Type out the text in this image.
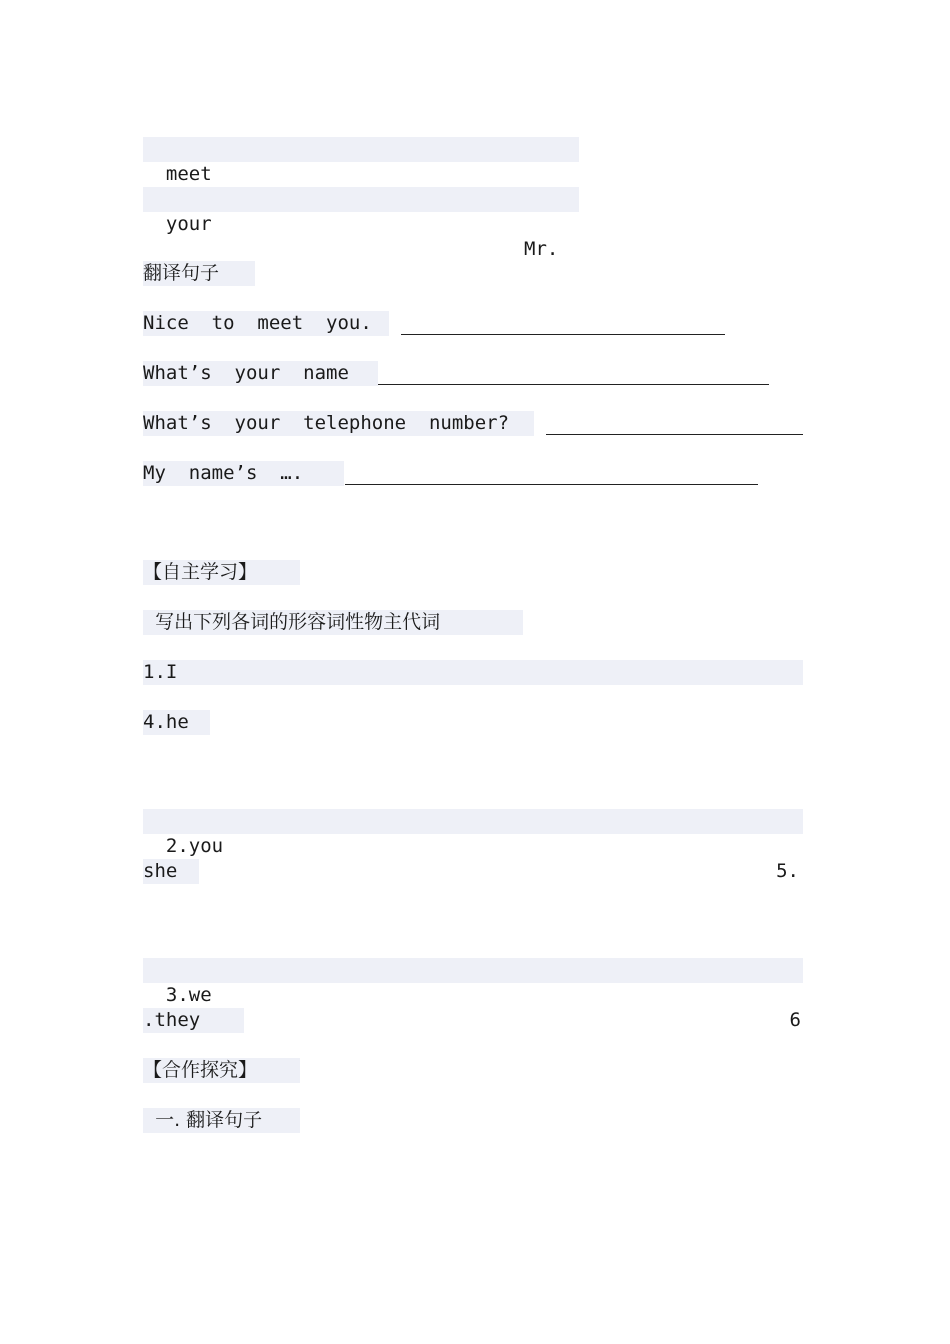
meet

your

Mr.

翻译句子
Nice  to  meet  you.
What’s  your  name
What’s  your  telephone  number?
My  name’s  ….
【自主学习】
写出下列各词的形容词性物主代词
1.I
4.he

2.you

5.

she

3.we

6

.they
【合作探究】
一. 翻译句子
